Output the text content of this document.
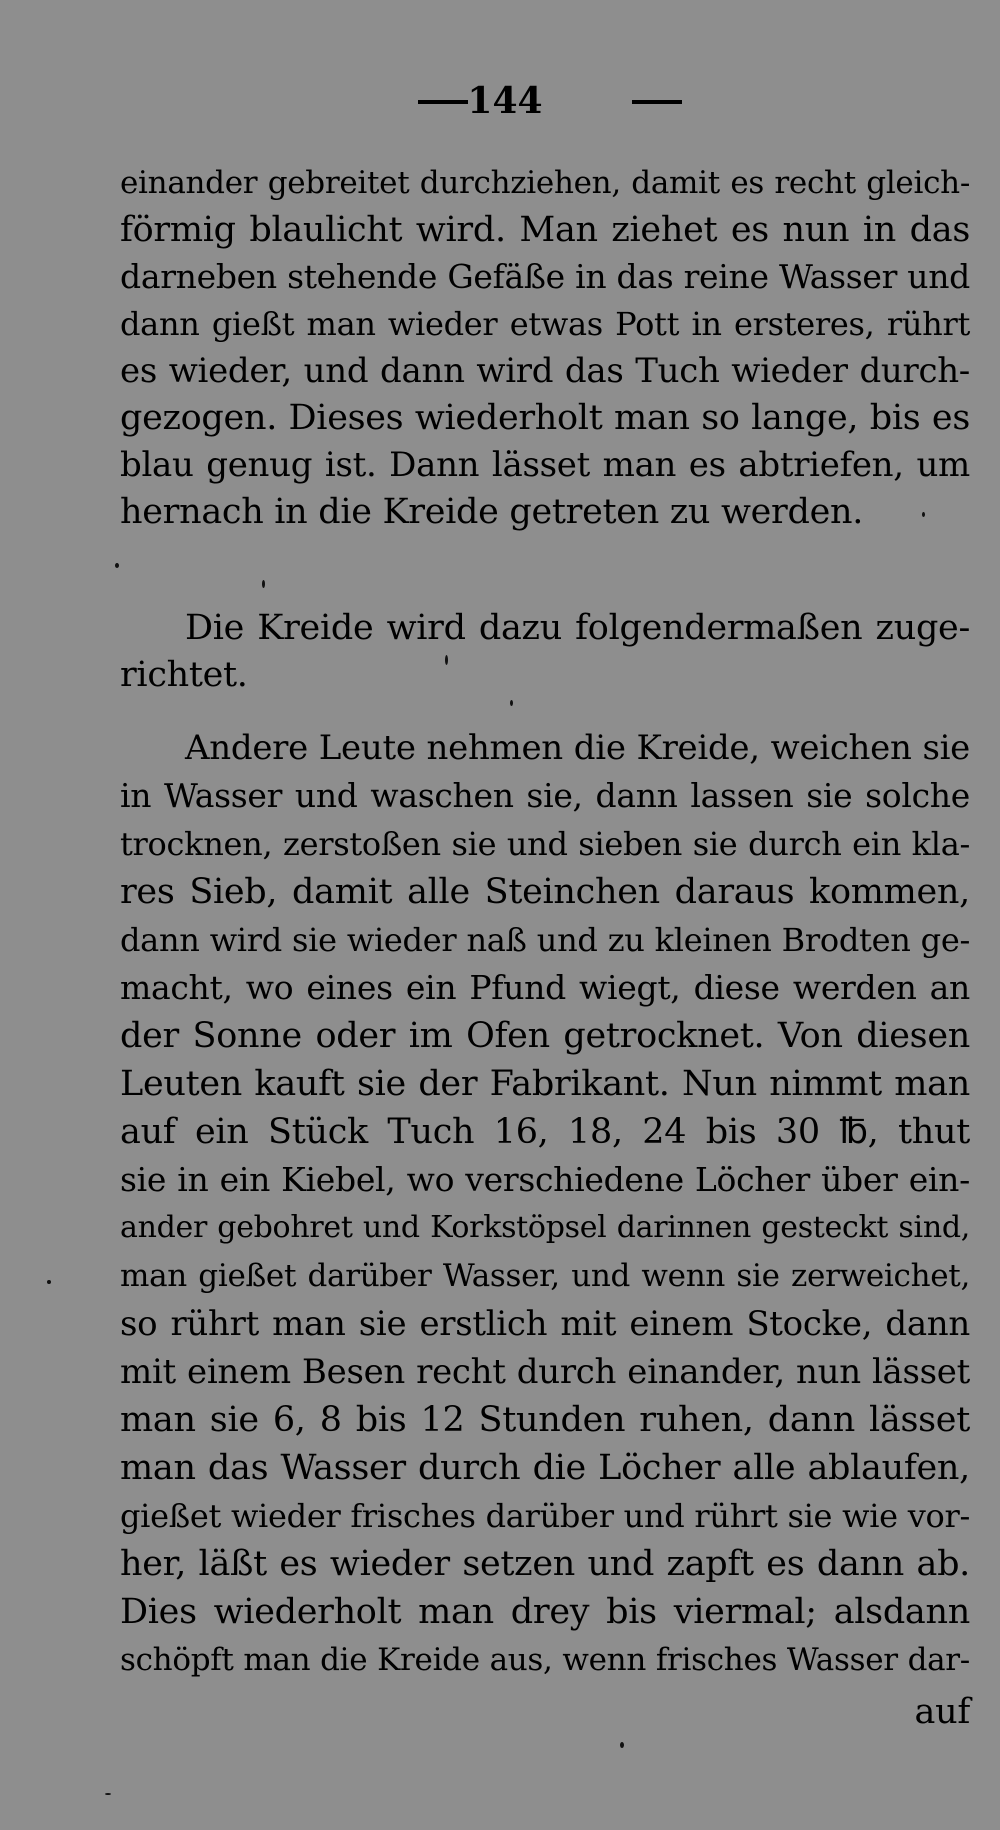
144
einander gebreitet durchziehen, damit es recht gleich-
förmig blaulicht wird. Man ziehet es nun in das
darneben stehende Gefäße in das reine Wasser und
dann gießt man wieder etwas Pott in ersteres, rührt
es wieder, und dann wird das Tuch wieder durch-
gezogen. Dieses wiederholt man so lange, bis es
blau genug ist. Dann lässet man es abtriefen, um
hernach in die Kreide getreten zu werden.
Die Kreide wird dazu folgendermaßen zuge-
richtet.
Andere Leute nehmen die Kreide, weichen sie
in Wasser und waschen sie, dann lassen sie solche
trocknen, zerstoßen sie und sieben sie durch ein kla-
res Sieb, damit alle Steinchen daraus kommen,
dann wird sie wieder naß und zu kleinen Brodten ge-
macht, wo eines ein Pfund wiegt, diese werden an
der Sonne oder im Ofen getrocknet. Von diesen
Leuten kauft sie der Fabrikant. Nun nimmt man
auf ein Stück Tuch 16, 18, 24 bis 30 ℔, thut
sie in ein Kiebel, wo verschiedene Löcher über ein-
ander gebohret und Korkstöpsel darinnen gesteckt sind,
man gießet darüber Wasser, und wenn sie zerweichet,
so rührt man sie erstlich mit einem Stocke, dann
mit einem Besen recht durch einander, nun lässet
man sie 6, 8 bis 12 Stunden ruhen, dann lässet
man das Wasser durch die Löcher alle ablaufen,
gießet wieder frisches darüber und rührt sie wie vor-
her, läßt es wieder setzen und zapft es dann ab.
Dies wiederholt man drey bis viermal; alsdann
schöpft man die Kreide aus, wenn frisches Wasser dar-
auf
